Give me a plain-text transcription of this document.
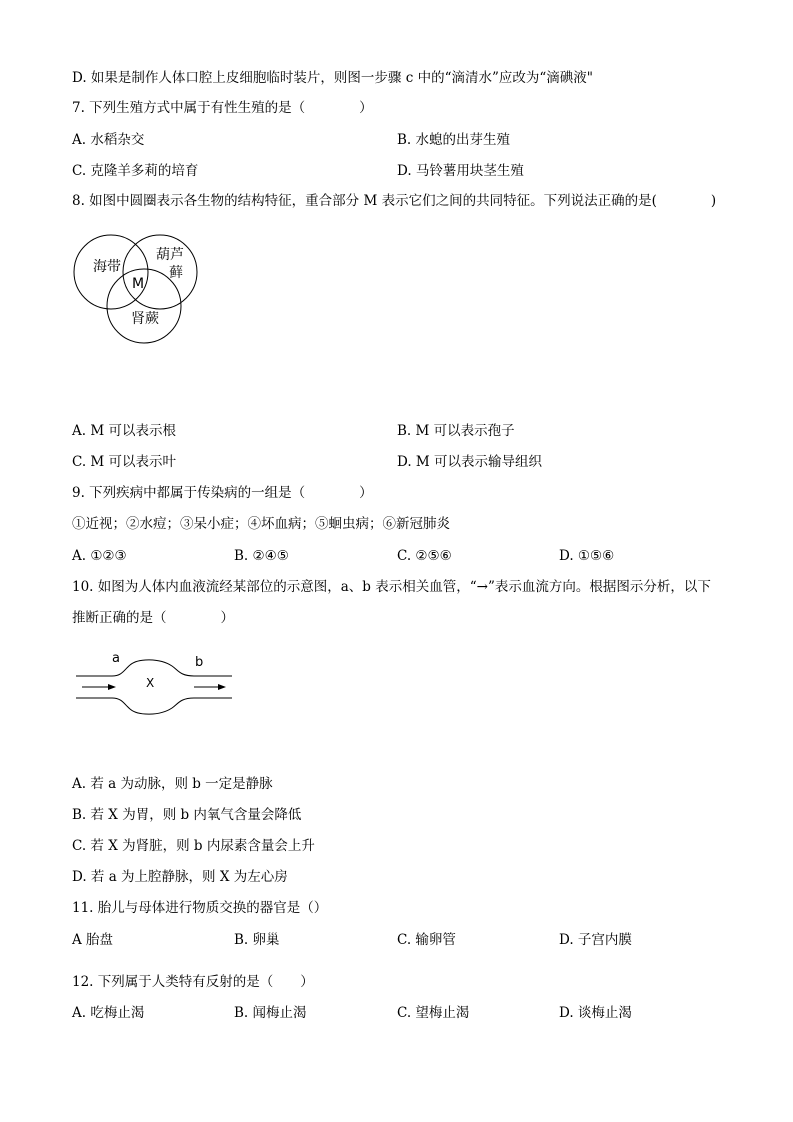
D. 如果是制作人体口腔上皮细胞临时装片，则图一步骤 c 中的“滴清水”应改为“滴碘液"
7. 下列生殖方式中属于有性生殖的是（　　　　）
A. 水稻杂交	B. 水螅的出芽生殖
C. 克隆羊多莉的培育	D. 马铃薯用块茎生殖
8. 如图中圆圈表示各生物的结构特征，重合部分 M 表示它们之间的共同特征。下列说法正确的是(　　　　)
海带
葫芦
藓
M
肾蕨
A. M 可以表示根	B. M 可以表示孢子
C. M 可以表示叶	D. M 可以表示输导组织
9. 下列疾病中都属于传染病的一组是（　　　　）
①近视；②水痘；③呆小症；④坏血病；⑤蛔虫病；⑥新冠肺炎
A. ①②③	B. ②④⑤	C. ②⑤⑥	D. ①⑤⑥
10. 如图为人体内血液流经某部位的示意图，a、b 表示相关血管，“→”表示血流方向。根据图示分析，以下
推断正确的是（　　　　）
a	b
X
A. 若 a 为动脉，则 b 一定是静脉
B. 若 X 为胃，则 b 内氧气含量会降低
C. 若 X 为肾脏，则 b 内尿素含量会上升
D. 若 a 为上腔静脉，则 X 为左心房
11. 胎儿与母体进行物质交换的器官是（）
A 胎盘	B. 卵巢	C. 输卵管	D. 子宫内膜
12. 下列属于人类特有反射的是（　　）
A. 吃梅止渴	B. 闻梅止渴	C. 望梅止渴	D. 谈梅止渴
